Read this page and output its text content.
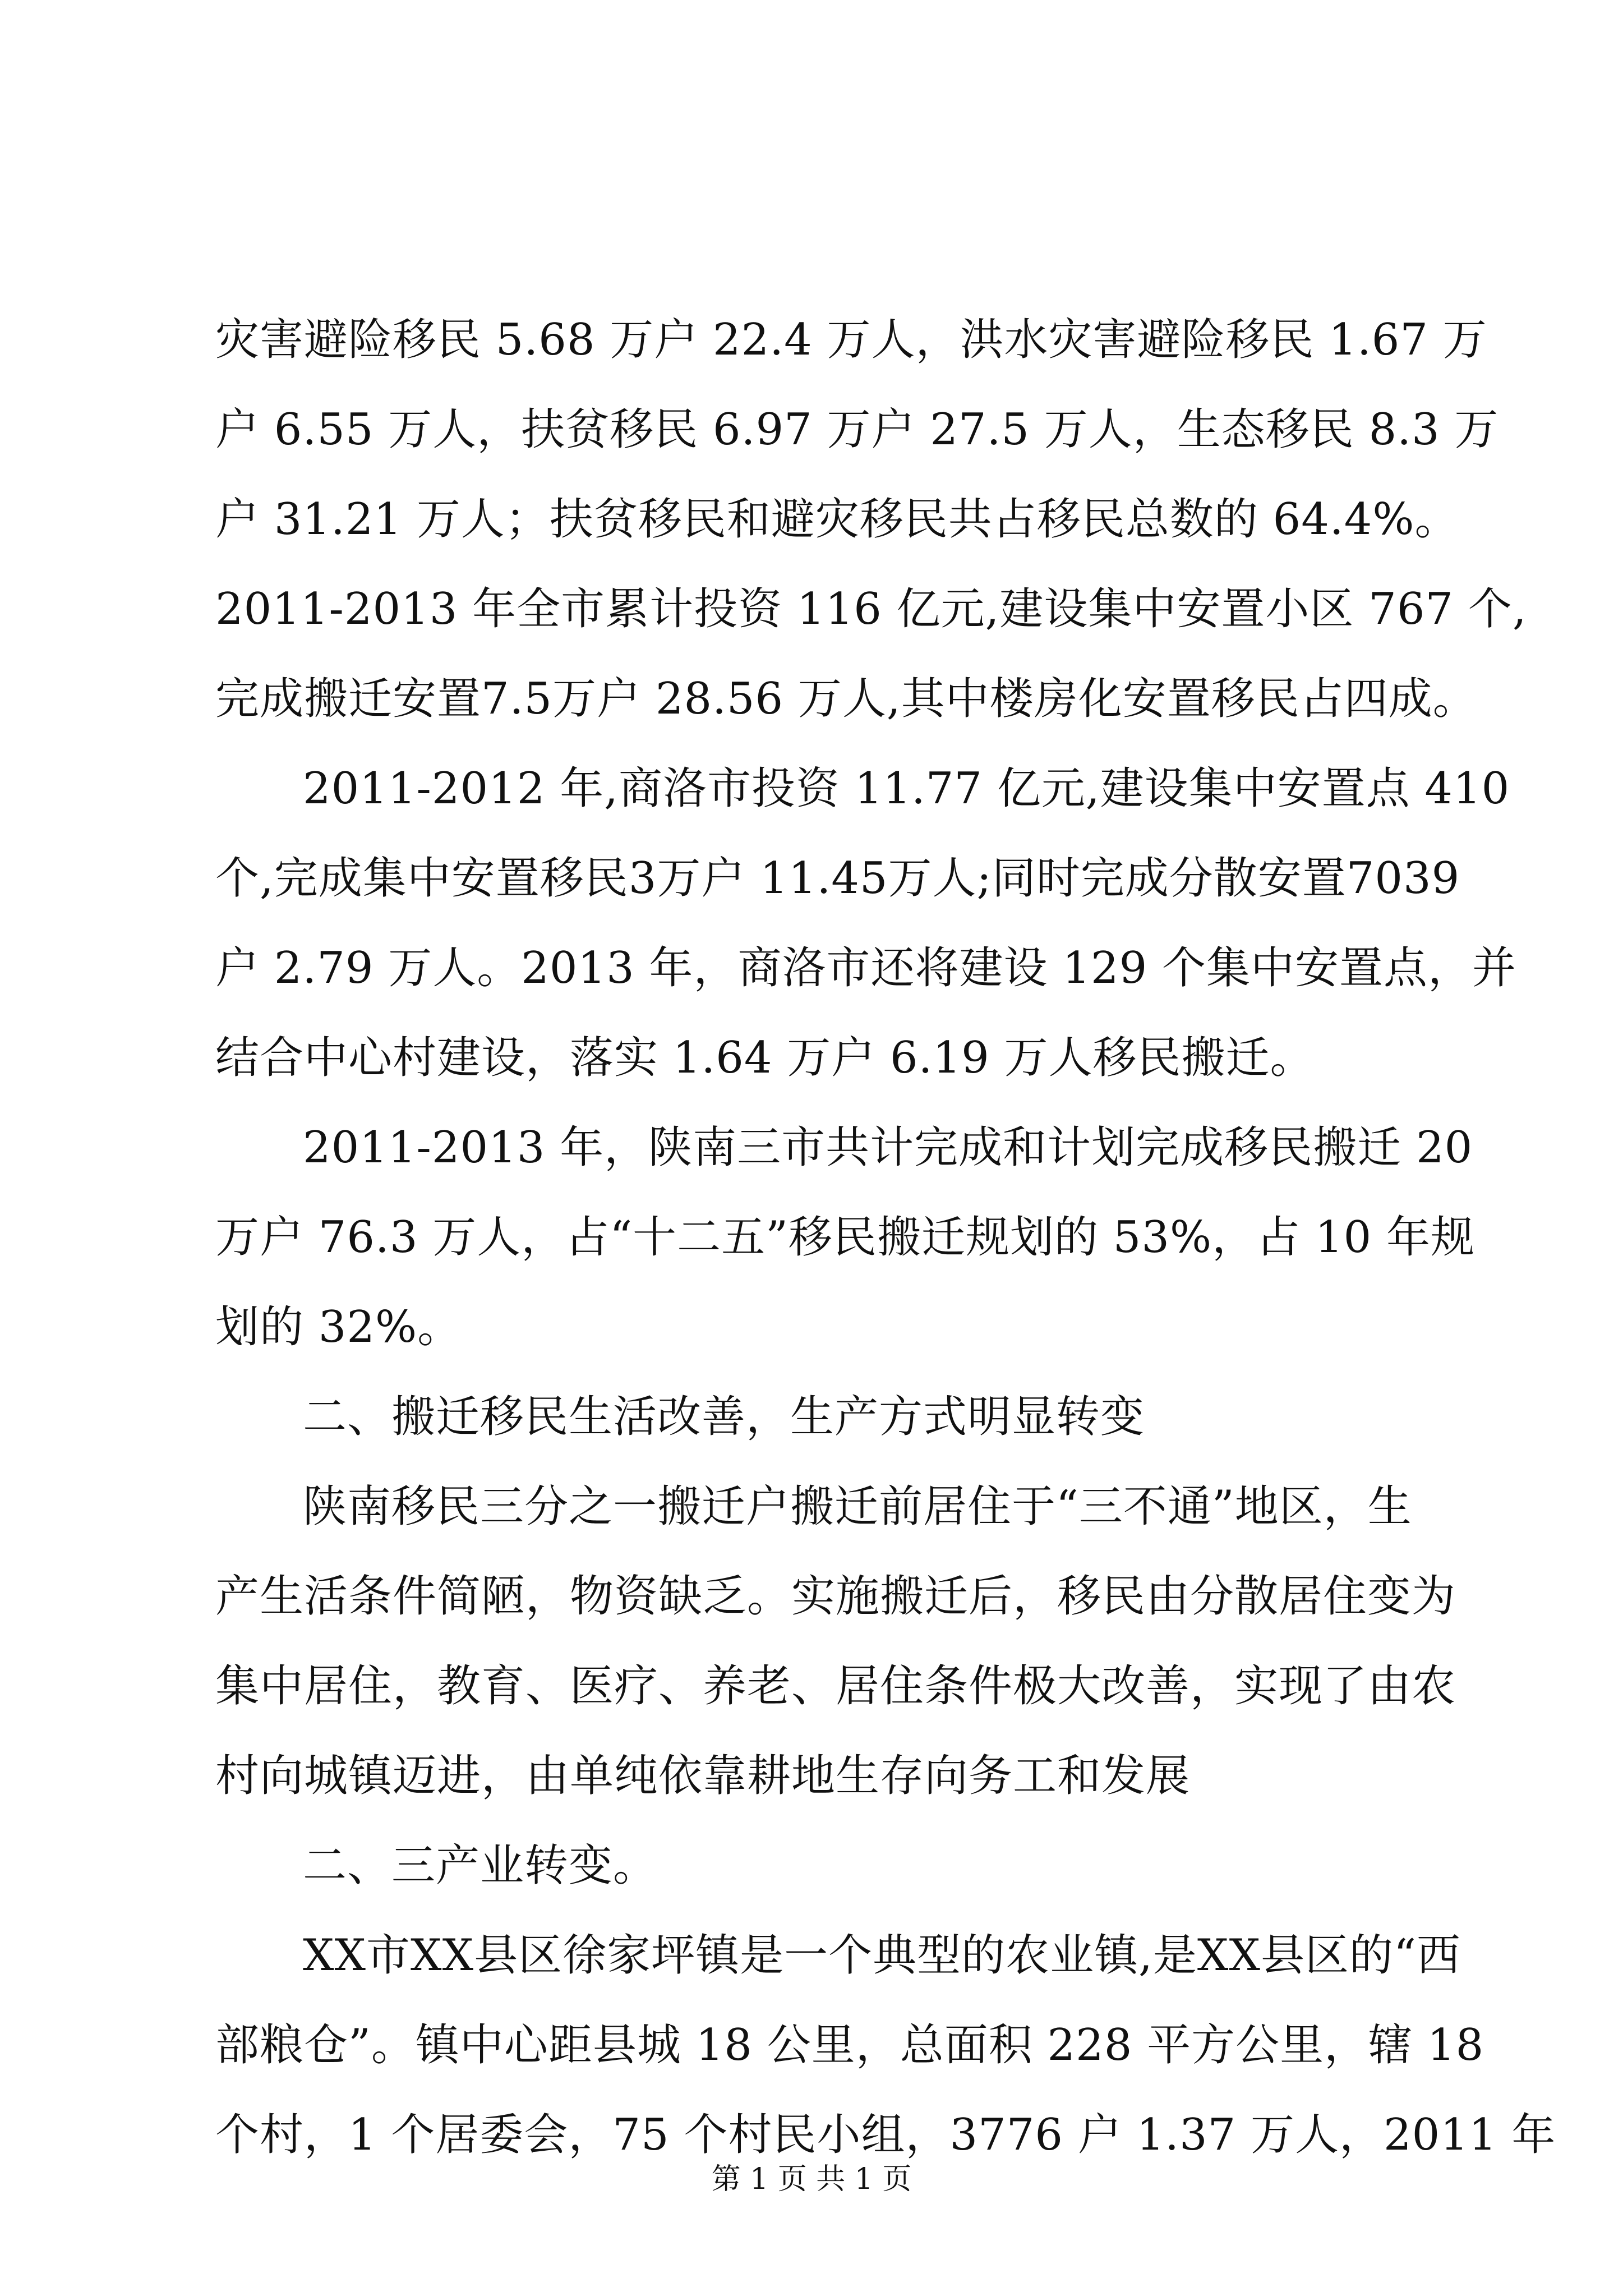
灾害避险移民 5.68 万户 22.4 万人，洪水灾害避险移民 1.67 万
户 6.55 万人，扶贫移民 6.97 万户 27.5 万人，生态移民 8.3 万
户 31.21 万人；扶贫移民和避灾移民共占移民总数的 64.4%。
2011-2013 年全市累计投资 116 亿元,建设集中安置小区 767 个,
完成搬迁安置7.5万户 28.56 万人,其中楼房化安置移民占四成。
2011-2012 年,商洛市投资 11.77 亿元,建设集中安置点 410
个,完成集中安置移民3万户 11.45万人;同时完成分散安置7039
户 2.79 万人。2013 年，商洛市还将建设 129 个集中安置点，并
结合中心村建设，落实 1.64 万户 6.19 万人移民搬迁。
2011-2013 年，陕南三市共计完成和计划完成移民搬迁 20
万户 76.3 万人，占“十二五”移民搬迁规划的 53%，占 10 年规
划的 32%。
二、搬迁移民生活改善，生产方式明显转变
陕南移民三分之一搬迁户搬迁前居住于“三不通”地区，生
产生活条件简陋，物资缺乏。实施搬迁后，移民由分散居住变为
集中居住，教育、医疗、养老、居住条件极大改善，实现了由农
村向城镇迈进，由单纯依靠耕地生存向务工和发展
二、三产业转变。
XX市XX县区徐家坪镇是一个典型的农业镇,是XX县区的“西
部粮仓”。镇中心距县城 18 公里，总面积 228 平方公里，辖 18
个村，1 个居委会，75 个村民小组，3776 户 1.37 万人，2011 年
第 1 页 共 1 页
